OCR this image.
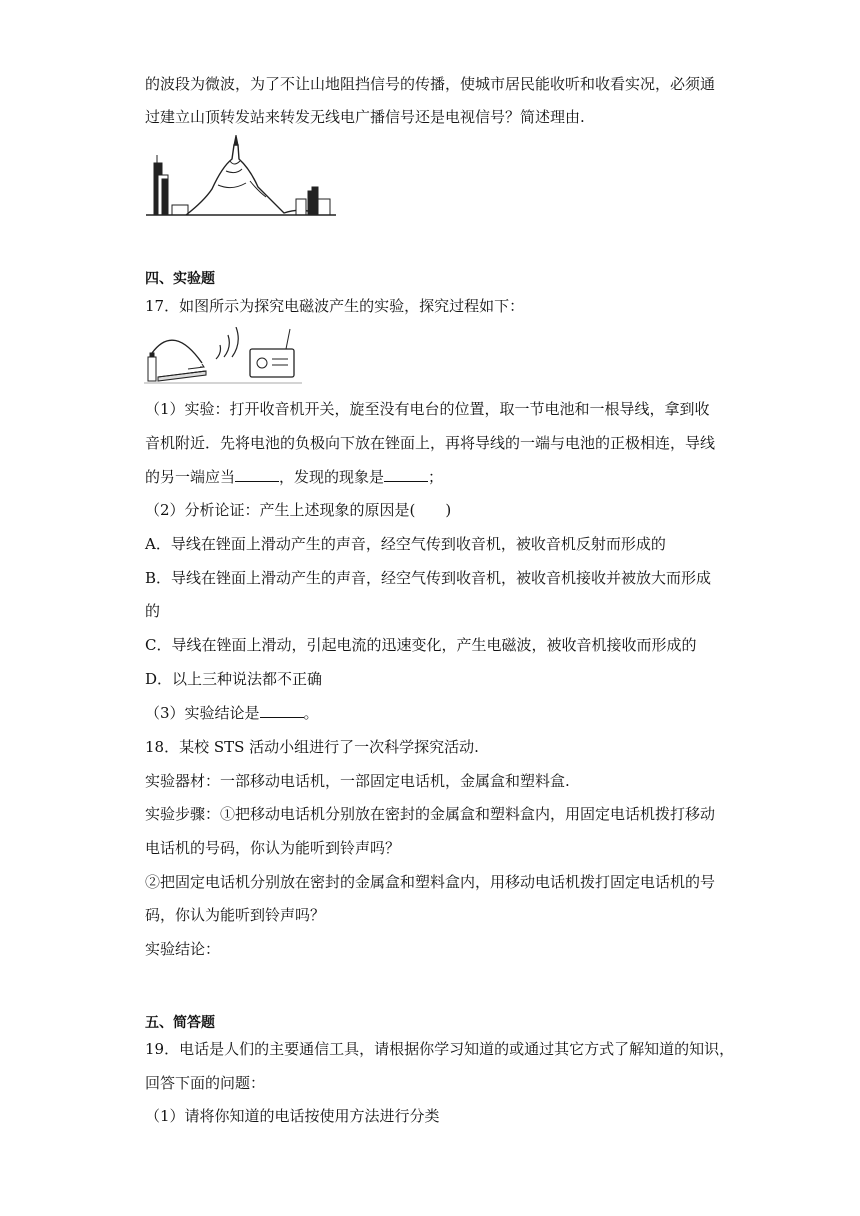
的波段为微波，为了不让山地阻挡信号的传播，使城市居民能收听和收看实况，必须通
过建立山顶转发站来转发无线电广播信号还是电视信号？简述理由.
四、实验题
17．如图所示为探究电磁波产生的实验，探究过程如下：
（1）实验：打开收音机开关，旋至没有电台的位置，取一节电池和一根导线，拿到收
音机附近．先将电池的负极向下放在锉面上，再将导线的一端与电池的正极相连，导线
的另一端应当	，发现的现象是	；
（2）分析论证：产生上述现象的原因是(　　)
A．导线在锉面上滑动产生的声音，经空气传到收音机，被收音机反射而形成的
B．导线在锉面上滑动产生的声音，经空气传到收音机，被收音机接收并被放大而形成
的
C．导线在锉面上滑动，引起电流的迅速变化，产生电磁波，被收音机接收而形成的
D．以上三种说法都不正确
（3）实验结论是	。
18．某校 STS 活动小组进行了一次科学探究活动.
实验器材：一部移动电话机，一部固定电话机，金属盒和塑料盒.
实验步骤：①把移动电话机分别放在密封的金属盒和塑料盒内，用固定电话机拨打移动
电话机的号码，你认为能听到铃声吗？
②把固定电话机分别放在密封的金属盒和塑料盒内，用移动电话机拨打固定电话机的号
码，你认为能听到铃声吗？
实验结论：
五、简答题
19．电话是人们的主要通信工具，请根据你学习知道的或通过其它方式了解知道的知识，
回答下面的问题：
（1）请将你知道的电话按使用方法进行分类
